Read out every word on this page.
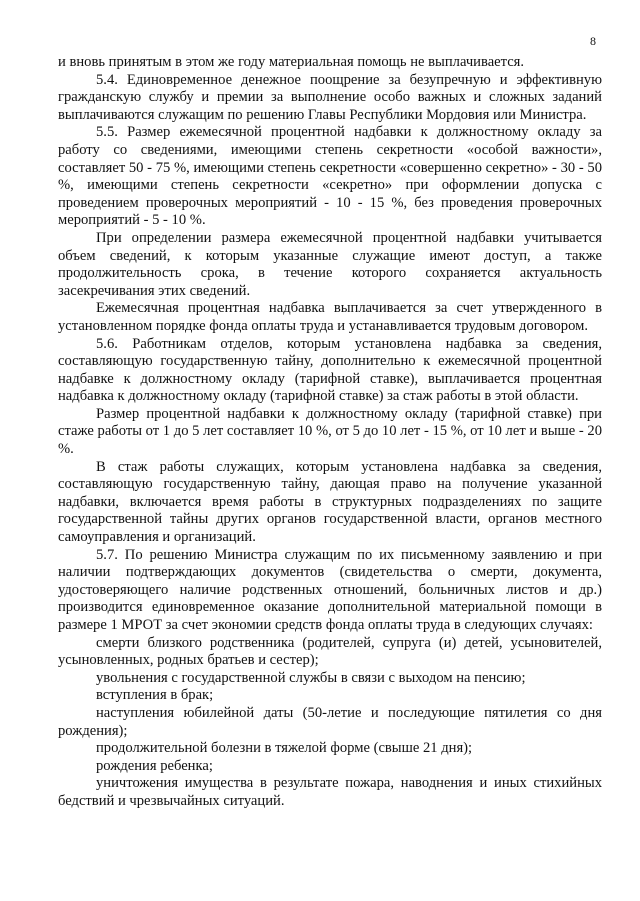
8

и вновь принятым в этом же году материальная помощь не выплачивается.

5.4. Единовременное денежное поощрение за безупречную и эффективную гражданскую службу и премии за выполнение особо важных и сложных заданий выплачиваются служащим по решению Главы Республики Мордовия или Министра.

5.5. Размер ежемесячной процентной надбавки к должностному окладу за работу со сведениями, имеющими степень секретности «особой важности», составляет 50 - 75 %, имеющими степень секретности «совершенно секретно» - 30 - 50 %, имеющими степень секретности «секретно» при оформлении допуска с проведением проверочных мероприятий - 10 - 15 %, без проведения проверочных мероприятий - 5 - 10 %.

При определении размера ежемесячной процентной надбавки учитывается объем сведений, к которым указанные служащие имеют доступ, а также продолжительность срока, в течение которого сохраняется актуальность засекречивания этих сведений.

Ежемесячная процентная надбавка выплачивается за счет утвержденного в установленном порядке фонда оплаты труда и устанавливается трудовым договором.

5.6. Работникам отделов, которым установлена надбавка за сведения, составляющую государственную тайну, дополнительно к ежемесячной процентной надбавке к должностному окладу (тарифной ставке), выплачивается процентная надбавка к должностному окладу (тарифной ставке) за стаж работы в этой области.

Размер процентной надбавки к должностному окладу (тарифной ставке) при стаже работы от 1 до 5 лет составляет 10 %, от 5 до 10 лет - 15 %, от 10 лет и выше - 20 %.

В стаж работы служащих, которым установлена надбавка за сведения, составляющую государственную тайну, дающая право на получение указанной надбавки, включается время работы в структурных подразделениях по защите государственной тайны других органов государственной власти, органов местного самоуправления и организаций.

5.7. По решению Министра служащим по их письменному заявлению и при наличии подтверждающих документов (свидетельства о смерти, документа, удостоверяющего наличие родственных отношений, больничных листов и др.) производится единовременное оказание дополнительной материальной помощи в размере 1 МРОТ за счет экономии средств фонда оплаты труда в следующих случаях:

смерти близкого родственника (родителей, супруга (и) детей, усыновителей, усыновленных, родных братьев и сестер);

увольнения с государственной службы в связи с выходом на пенсию;

вступления в брак;

наступления юбилейной даты (50-летие и последующие пятилетия со дня рождения);

продолжительной болезни в тяжелой форме (свыше 21 дня);

рождения ребенка;

уничтожения имущества в результате пожара, наводнения и иных стихийных бедствий и чрезвычайных ситуаций.
